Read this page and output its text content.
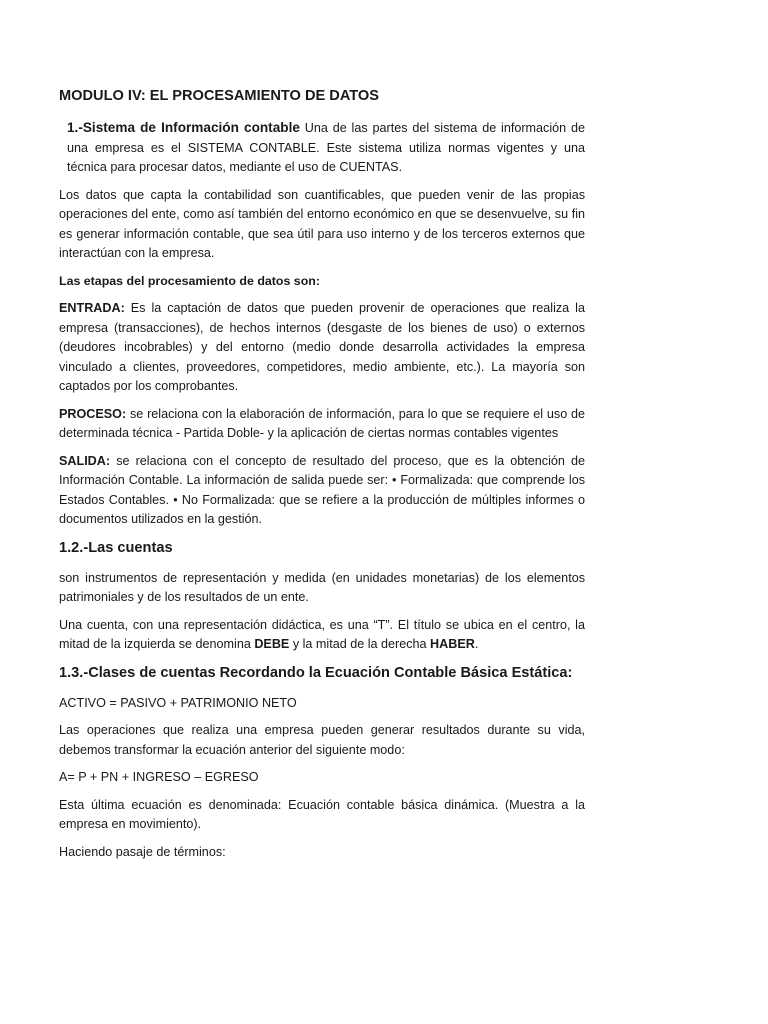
MODULO IV: EL PROCESAMIENTO DE DATOS

1.-Sistema de Información contable Una de las partes del sistema de información de una empresa es el SISTEMA CONTABLE. Este sistema utiliza normas vigentes y una técnica para procesar datos, mediante el uso de CUENTAS.

Los datos que capta la contabilidad son cuantificables, que pueden venir de las propias operaciones del ente, como así también del entorno económico en que se desenvuelve, su fin es generar información contable, que sea útil para uso interno y de los terceros externos que interactúan con la empresa.

Las etapas del procesamiento de datos son:

ENTRADA: Es la captación de datos que pueden provenir de operaciones que realiza la empresa (transacciones), de hechos internos (desgaste de los bienes de uso) o externos (deudores incobrables) y del entorno (medio donde desarrolla actividades la empresa vinculado a clientes, proveedores, competidores, medio ambiente, etc.). La mayoría son captados por los comprobantes.

PROCESO: se relaciona con la elaboración de información, para lo que se requiere el uso de determinada técnica - Partida Doble- y la aplicación de ciertas normas contables vigentes

SALIDA: se relaciona con el concepto de resultado del proceso, que es la obtención de Información Contable. La información de salida puede ser: • Formalizada: que comprende los Estados Contables. • No Formalizada: que se refiere a la producción de múltiples informes o documentos utilizados en la gestión.

1.2.-Las cuentas

son instrumentos de representación y medida (en unidades monetarias) de los elementos patrimoniales y de los resultados de un ente.

Una cuenta, con una representación didáctica, es una “T”. El título se ubica en el centro, la mitad de la izquierda se denomina DEBE y la mitad de la derecha HABER.

1.3.-Clases de cuentas Recordando la Ecuación Contable Básica Estática:

ACTIVO = PASIVO + PATRIMONIO NETO

Las operaciones que realiza una empresa pueden generar resultados durante su vida, debemos transformar la ecuación anterior del siguiente modo:

A= P + PN + INGRESO – EGRESO

Esta última ecuación es denominada: Ecuación contable básica dinámica. (Muestra a la empresa en movimiento).

Haciendo pasaje de términos:
